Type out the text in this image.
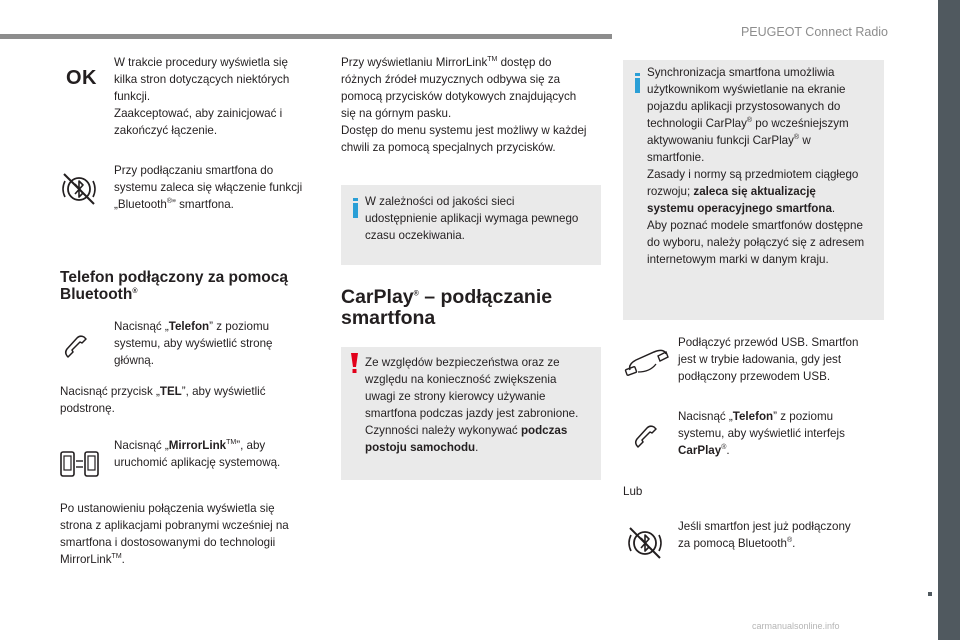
PEUGEOT Connect Radio
13
carmanualsonline.info
OK
W trakcie procedury wyświetla się
kilka stron dotyczących niektórych
funkcji.
Zaakceptować, aby zainicjować i
zakończyć łączenie.
Przy podłączaniu smartfona do
systemu zaleca się włączenie funkcji
„Bluetooth®” smartfona.
Telefon podłączony za pomocą
Bluetooth®
Nacisnąć „Telefon” z poziomu
systemu, aby wyświetlić stronę
główną.
Nacisnąć przycisk „TEL”, aby wyświetlić
podstronę.
Nacisnąć „MirrorLink™”, aby
uruchomić aplikację systemową.
Po ustanowieniu połączenia wyświetla się
strona z aplikacjami pobranymi wcześniej na
smartfona i dostosowanymi do technologii
MirrorLink™.
Przy wyświetlaniu MirrorLink™ dostęp do
różnych źródeł muzycznych odbywa się za
pomocą przycisków dotykowych znajdujących
się na górnym pasku.
Dostęp do menu systemu jest możliwy w każdej
chwili za pomocą specjalnych przycisków.
W zależności od jakości sieci
udostępnienie aplikacji wymaga pewnego
czasu oczekiwania.
CarPlay® – podłączanie
smartfona
Ze względów bezpieczeństwa oraz ze
względu na konieczność zwiększenia
uwagi ze strony kierowcy używanie
smartfona podczas jazdy jest zabronione.
Czynności należy wykonywać podczas
postoju samochodu.
Synchronizacja smartfona umożliwia
użytkownikom wyświetlanie na ekranie
pojazdu aplikacji przystosowanych do
technologii CarPlay® po wcześniejszym
aktywowaniu funkcji CarPlay® w
smartfonie.
Zasady i normy są przedmiotem ciągłego
rozwoju; zaleca się aktualizację
systemu operacyjnego smartfona.
Aby poznać modele smartfonów dostępne
do wyboru, należy połączyć się z adresem
internetowym marki w danym kraju.
Podłączyć przewód USB. Smartfon
jest w trybie ładowania, gdy jest
podłączony przewodem USB.
Nacisnąć „Telefon” z poziomu
systemu, aby wyświetlić interfejs
CarPlay®.
Lub
Jeśli smartfon jest już podłączony
za pomocą Bluetooth®.
